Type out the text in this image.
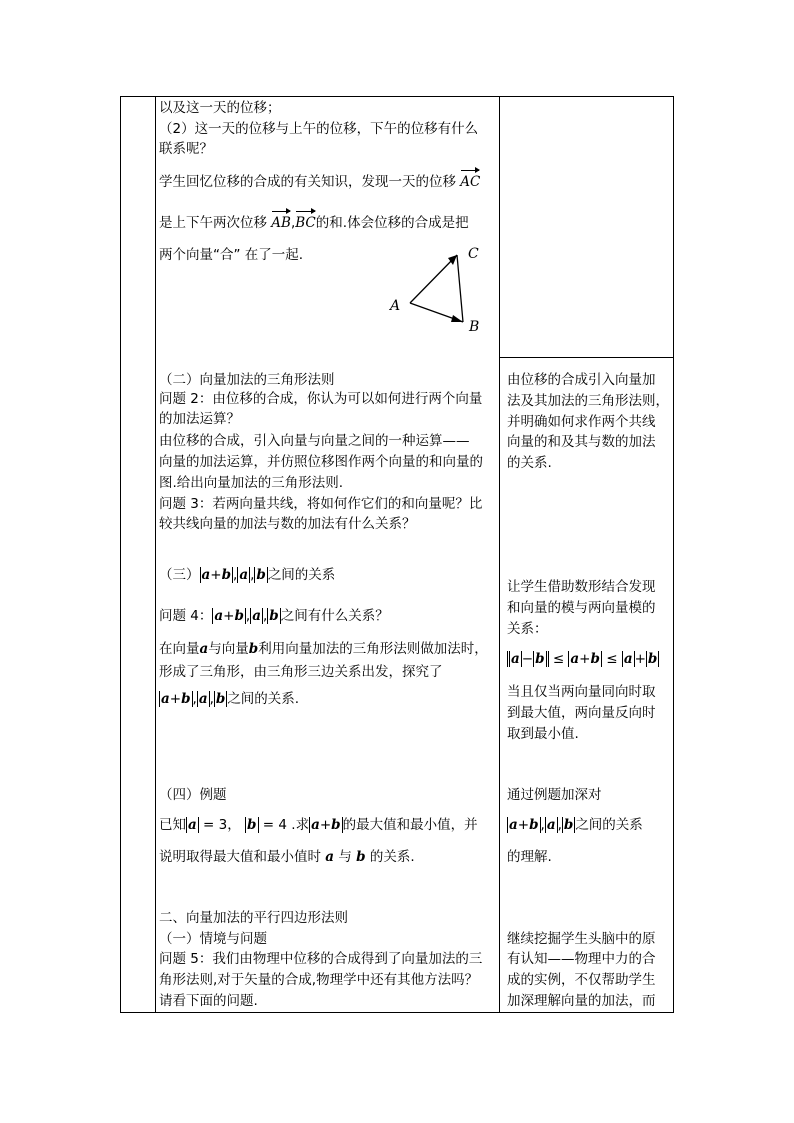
以及这一天的位移；
（2）这一天的位移与上午的位移，下午的位移有什么
联系呢？
学生回忆位移的合成的有关知识，发现一天的位移 AC
是上下午两次位移 AB,BC的和.体会位移的合成是把
两个向量“合” 在了一起.
A
C
B
（二）向量加法的三角形法则
问题 2：由位移的合成，你认为可以如何进行两个向量
的加法运算？
由位移的合成，引入向量与向量之间的一种运算——
向量的加法运算，并仿照位移图作两个向量的和向量的
图.给出向量加法的三角形法则.
问题 3：若两向量共线，将如何作它们的和向量呢？比
较共线向量的加法与数的加法有什么关系？
由位移的合成引入向量加
法及其加法的三角形法则，
并明确如何求作两个共线
向量的和及其与数的加法
的关系.
（三） a+b , a , b 之间的关系
问题 4： a+b , a , b 之间有什么关系？
在向量a与向量b利用向量加法的三角形法则做加法时，
形成了三角形，由三角形三边关系出发，探究了
a+b , a , b 之间的关系.
让学生借助数形结合发现
和向量的模与两向量模的
关系：
a − b ≤ a+b ≤ a + b
当且仅当两向量同向时取
到最大值，两向量反向时
取到最小值.
（四）例题
已知 a = 3， b = 4 .求 a+b 的最大值和最小值，并
说明取得最大值和最小值时 a 与 b 的关系.
通过例题加深对
a+b , a , b 之间的关系
的理解.
二、向量加法的平行四边形法则
（一）情境与问题
问题 5：我们由物理中位移的合成得到了向量加法的三
角形法则,对于矢量的合成,物理学中还有其他方法吗？
请看下面的问题.
继续挖掘学生头脑中的原
有认知——物理中力的合
成的实例，不仅帮助学生
加深理解向量的加法，而
